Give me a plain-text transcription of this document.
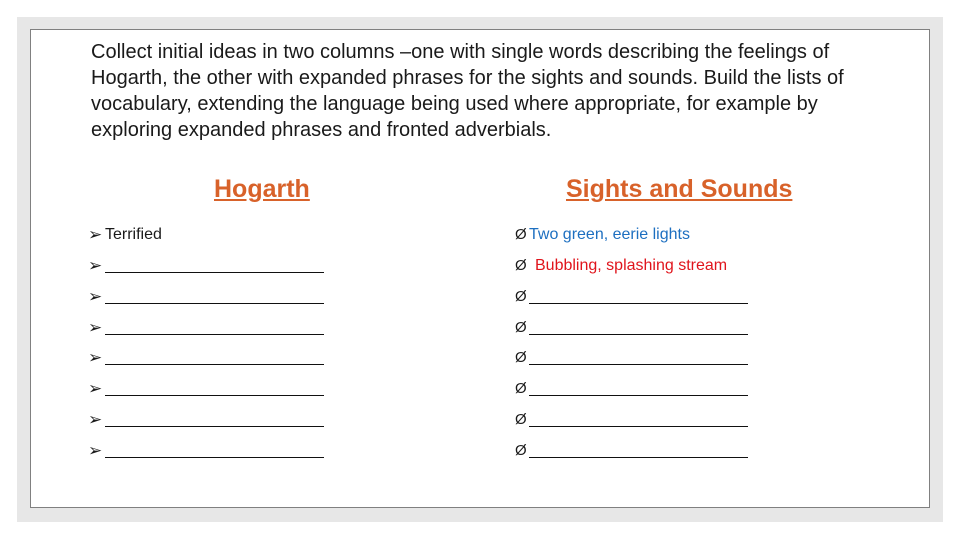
Collect initial ideas in two columns –one with single words describing the feelings of Hogarth, the other with expanded phrases for the sights and sounds. Build the lists of vocabulary, extending the language being used where appropriate, for example by exploring expanded phrases and fronted adverbials.
Hogarth	Sights and Sounds
➢ Terrified
➢
➢
➢
➢
➢
➢
➢
Ø Two green, eerie lights
Ø Bubbling, splashing stream
Ø
Ø
Ø
Ø
Ø
Ø
